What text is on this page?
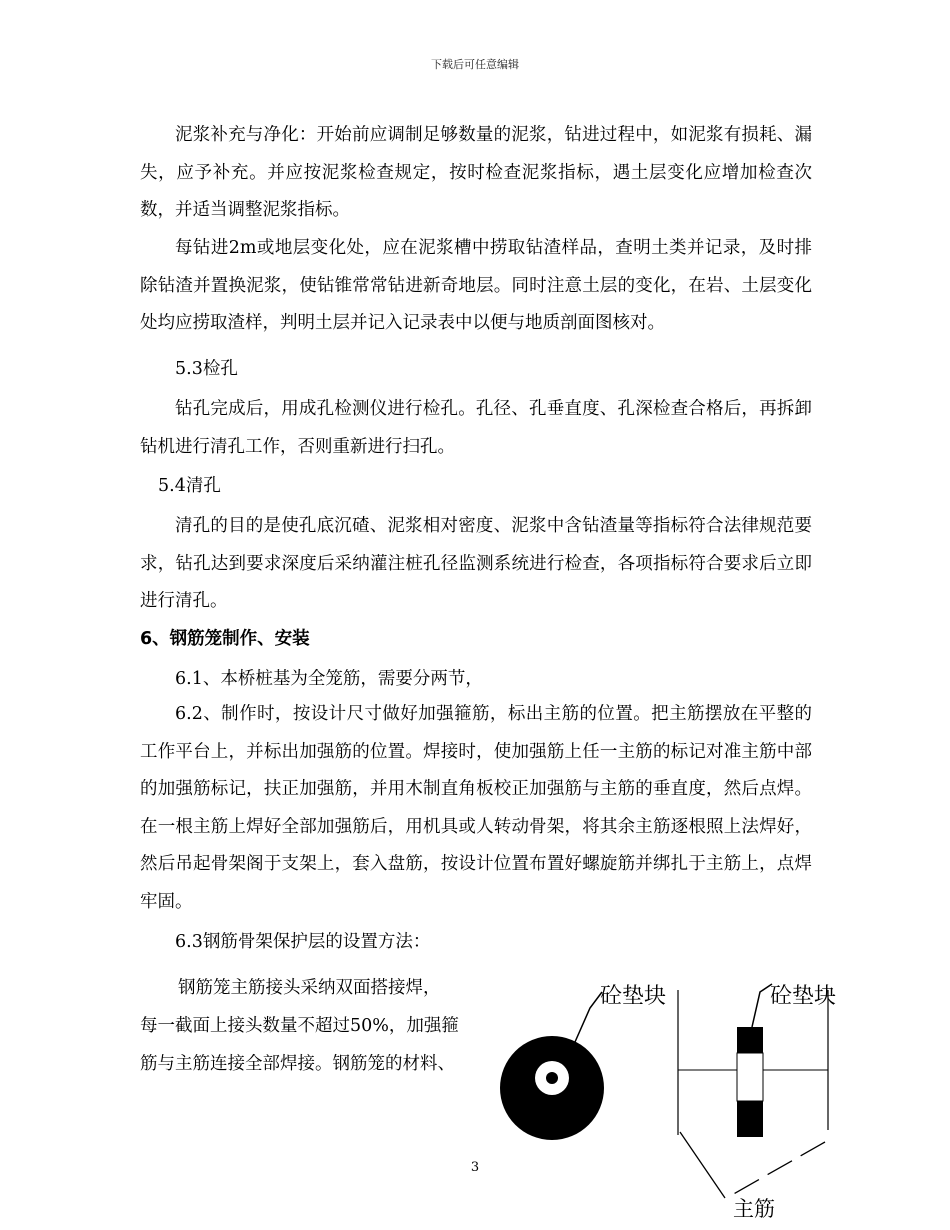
下载后可任意编辑
泥浆补充与净化：开始前应调制足够数量的泥浆，钻进过程中，如泥浆有损耗、漏失，应予补充。并应按泥浆检查规定，按时检查泥浆指标，遇土层变化应增加检查次数，并适当调整泥浆指标。
每钻进2m或地层变化处，应在泥浆槽中捞取钻渣样品，查明土类并记录，及时排除钻渣并置换泥浆，使钻锥常常钻进新奇地层。同时注意土层的变化，在岩、土层变化处均应捞取渣样，判明土层并记入记录表中以便与地质剖面图核对。
5.3检孔
钻孔完成后，用成孔检测仪进行检孔。孔径、孔垂直度、孔深检查合格后，再拆卸钻机进行清孔工作，否则重新进行扫孔。
5.4清孔
清孔的目的是使孔底沉碴、泥浆相对密度、泥浆中含钻渣量等指标符合法律规范要求，钻孔达到要求深度后采纳灌注桩孔径监测系统进行检查，各项指标符合要求后立即进行清孔。
6、钢筋笼制作、安装
6.1、本桥桩基为全笼筋，需要分两节，
6.2、制作时，按设计尺寸做好加强箍筋，标出主筋的位置。把主筋摆放在平整的工作平台上，并标出加强筋的位置。焊接时，使加强筋上任一主筋的标记对准主筋中部的加强筋标记，扶正加强筋，并用木制直角板校正加强筋与主筋的垂直度，然后点焊。在一根主筋上焊好全部加强筋后，用机具或人转动骨架，将其余主筋逐根照上法焊好，然后吊起骨架阁于支架上，套入盘筋，按设计位置布置好螺旋筋并绑扎于主筋上，点焊牢固。
6.3钢筋骨架保护层的设置方法：
钢筋笼主筋接头采纳双面搭接焊，
每一截面上接头数量不超过50%，加强箍
筋与主筋连接全部焊接。钢筋笼的材料、
砼垫块	砼垫块
主筋
3
